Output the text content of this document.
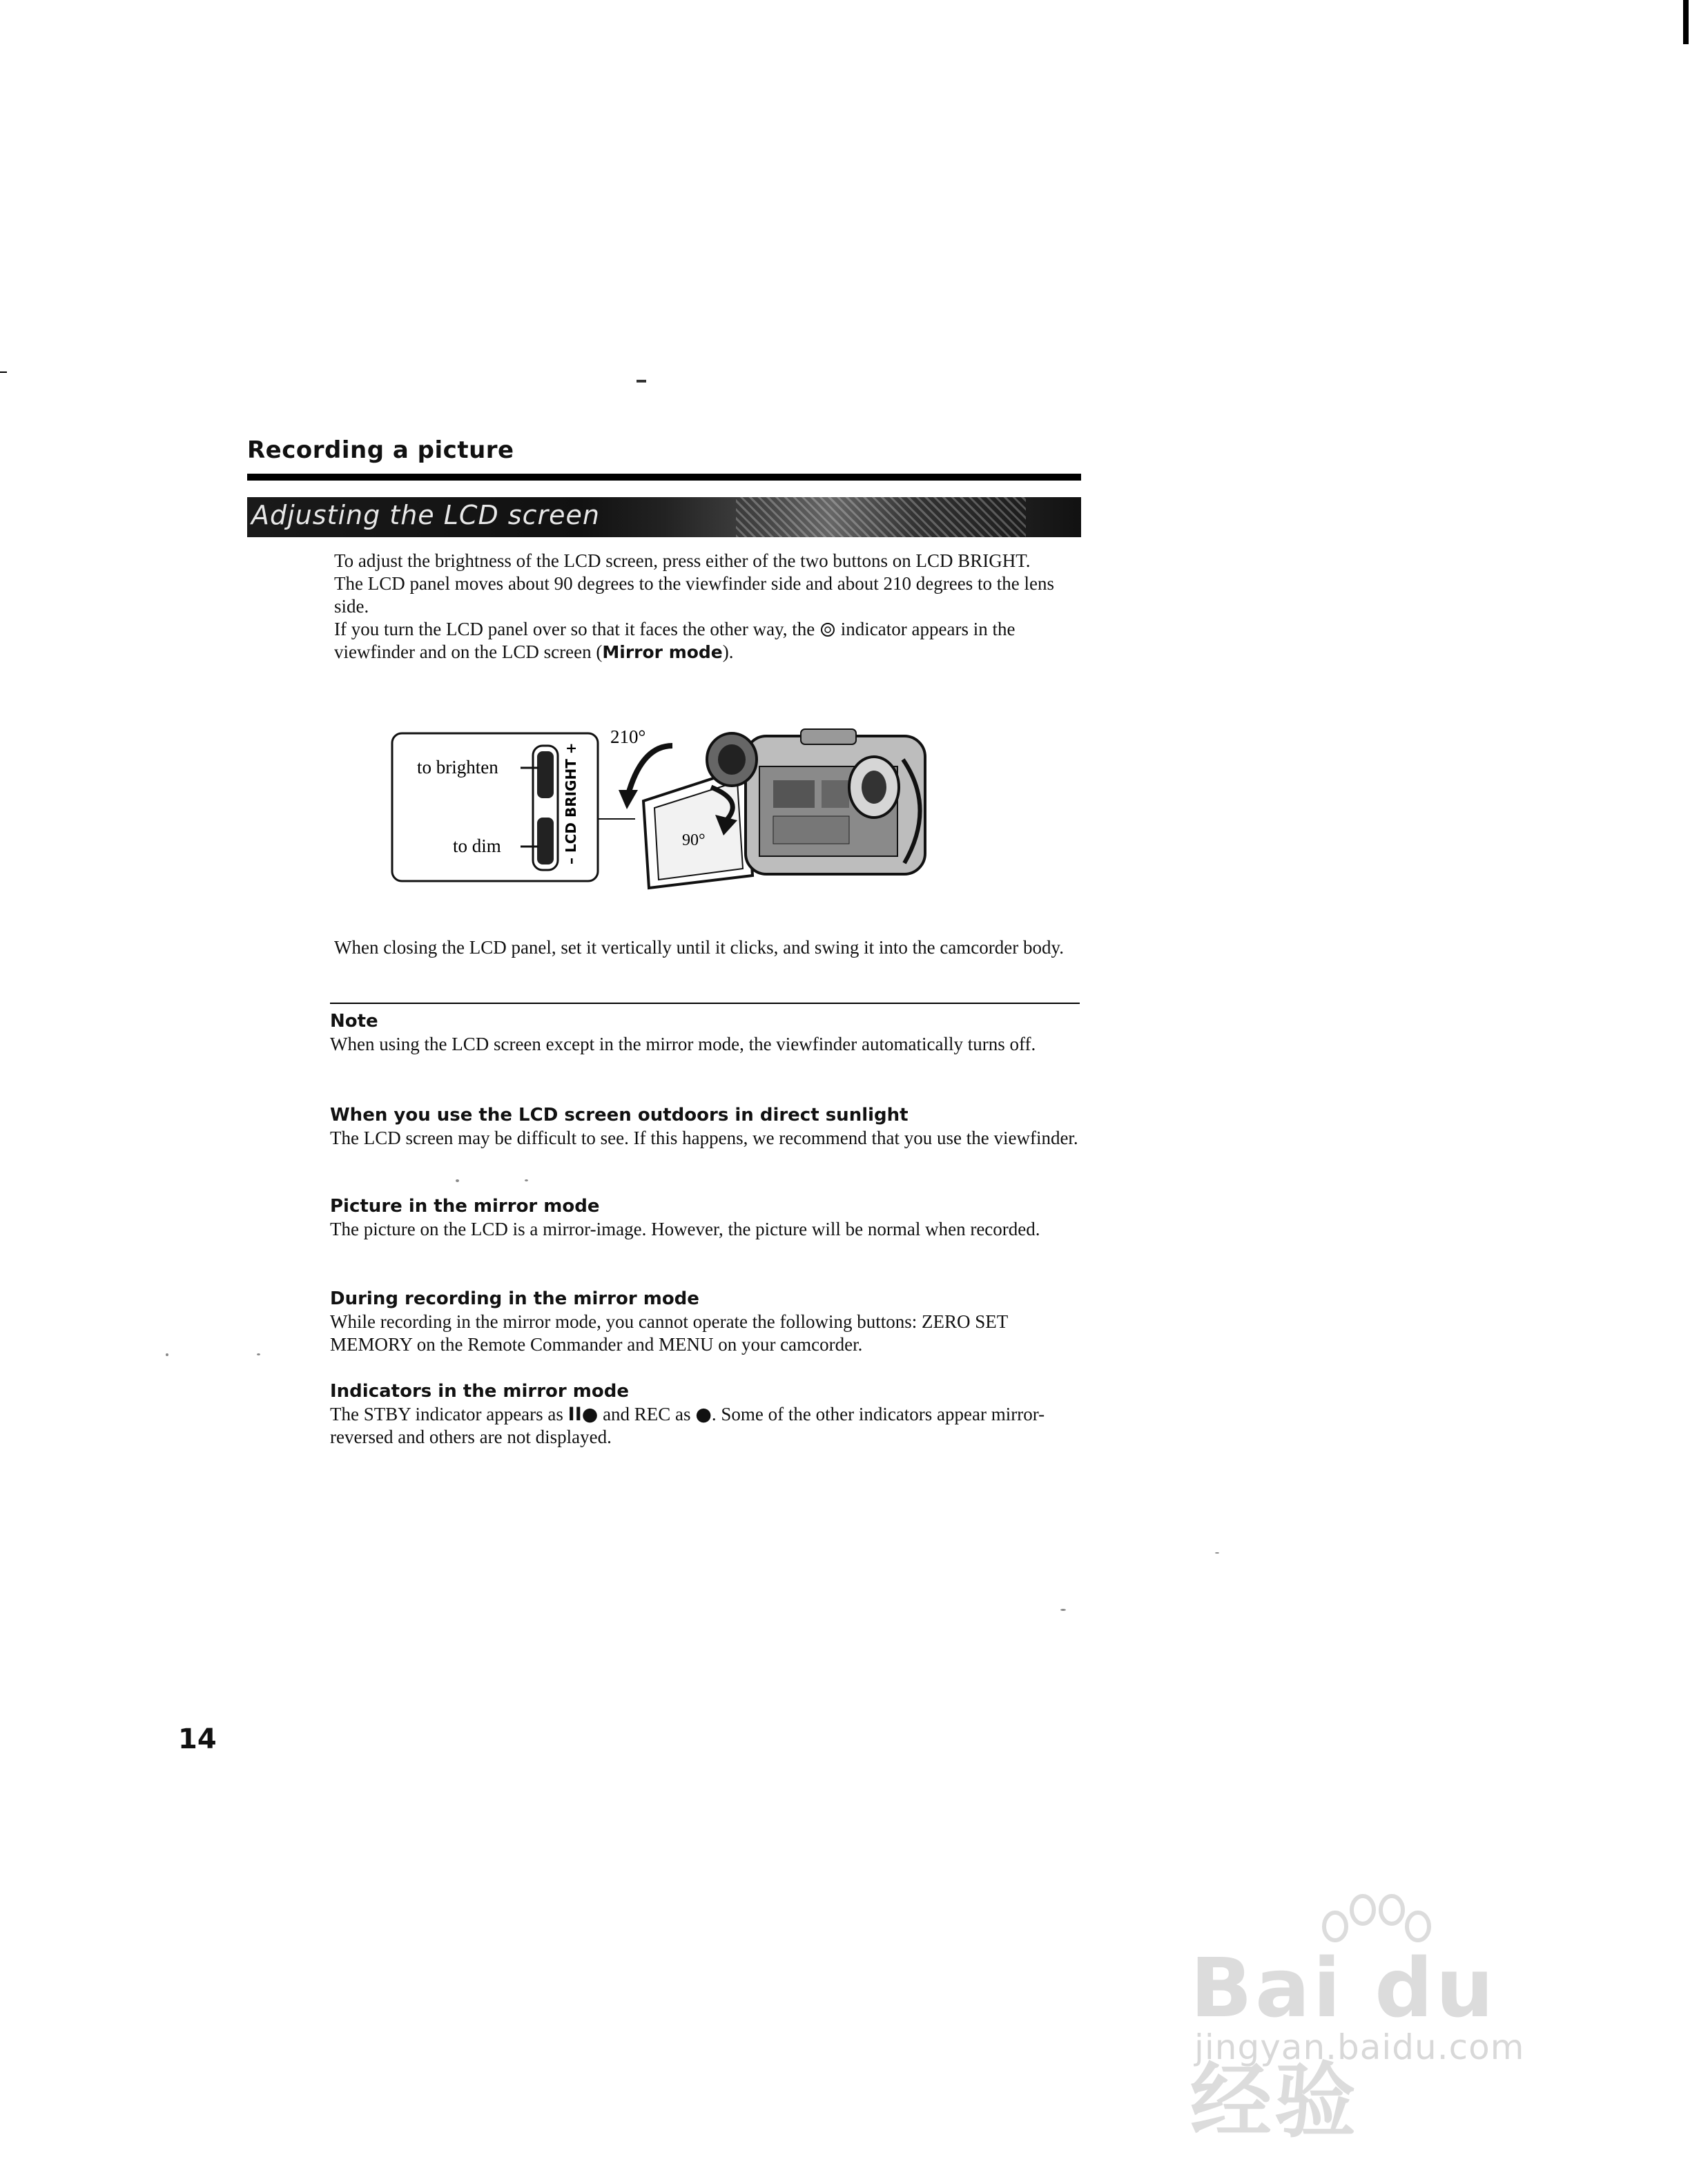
Recording a picture
Adjusting the LCD screen

To adjust the brightness of the LCD screen, press either of the two buttons on LCD BRIGHT.

The LCD panel moves about 90 degrees to the viewfinder side and about 210 degrees to the lens side.

If you turn the LCD panel over so that it faces the other way, the  indicator appears in the viewfinder and on the LCD screen (Mirror mode).

to brighten
to dim	– LCD BRIGHT +
210°
90°
When closing the LCD panel, set it vertically until it clicks, and swing it into the camcorder body.
Note
When using the LCD screen except in the mirror mode, the viewfinder automatically turns off.
When you use the LCD screen outdoors in direct sunlight
The LCD screen may be difficult to see. If this happens, we recommend that you use the viewfinder.
Picture in the mirror mode
The picture on the LCD is a mirror-image. However, the picture will be normal when recorded.
During recording in the mirror mode
While recording in the mirror mode, you cannot operate the following buttons: ZERO SET MEMORY on the Remote Commander and MENU on your camcorder.
Indicators in the mirror mode
The STBY indicator appears as II● and REC as ●. Some of the other indicators appear mirror-reversed and others are not displayed.
14
Bai du 经验
jingyan.baidu.com
